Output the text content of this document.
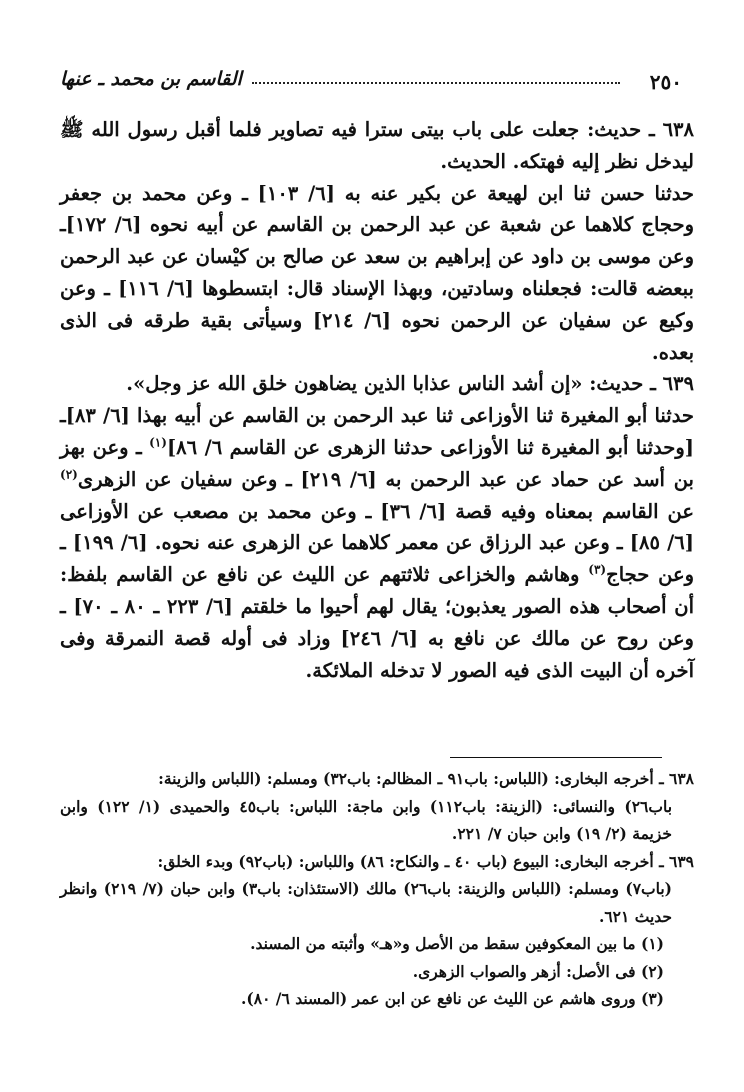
٢٥٠
القاسم بن محمد ـ عنها

٦٣٨ ـ حديث: جعلت على باب بيتى سترا فيه تصاوير فلما أقبل رسول الله ﷺ ليدخل نظر إليه فهتكه. الحديث.

حدثنا حسن ثنا ابن لهيعة عن بكير عنه به [٦/ ١٠٣] ـ وعن محمد بن جعفر وحجاج كلاهما عن شعبة عن عبد الرحمن بن القاسم عن أبيه نحوه [٦/ ١٧٢]ـ وعن موسى بن داود عن إبراهيم بن سعد عن صالح بن كيْسان عن عبد الرحمن ببعضه قالت: فجعلناه وسادتين، وبهذا الإسناد قال: ابتسطوها [٦/ ١١٦] ـ وعن وكيع عن سفيان عن الرحمن نحوه [٦/ ٢١٤] وسيأتى بقية طرقه فى الذى بعده.

٦٣٩ ـ حديث: «إن أشد الناس عذابا الذين يضاهون خلق الله عز وجل».

حدثنا أبو المغيرة ثنا الأوزاعى ثنا عبد الرحمن بن القاسم عن أبيه بهذا [٦/ ٨٣]ـ [وحدثنا أبو المغيرة ثنا الأوزاعى حدثنا الزهرى عن القاسم ٦/ ٨٦]$^{(١)}$ ـ وعن بهز بن أسد عن حماد عن عبد الرحمن به [٦/ ٢١٩] ـ وعن سفيان عن الزهرى$^{(٢)}$ عن القاسم بمعناه وفيه قصة [٦/ ٣٦] ـ وعن محمد بن مصعب عن الأوزاعى [٦/ ٨٥] ـ وعن عبد الرزاق عن معمر كلاهما عن الزهرى عنه نحوه. [٦/ ١٩٩] ـ وعن حجاج$^{(٣)}$ وهاشم والخزاعى ثلاثتهم عن الليث عن نافع عن القاسم بلفظ: أن أصحاب هذه الصور يعذبون؛ يقال لهم أحيوا ما خلقتم [٦/ ٢٢٣ ـ ٨٠ ـ ٧٠] ـ وعن روح عن مالك عن نافع به [٦/ ٢٤٦] وزاد فى أوله قصة النمرقة وفى آخره أن البيت الذى فيه الصور لا تدخله الملائكة.

٦٣٨ ـ أخرجه البخارى: (اللباس: باب٩١ ـ المظالم: باب٣٢) ومسلم: (اللباس والزينة:

باب٢٦) والنسائى: (الزينة: باب١١٢) وابن ماجة: اللباس: باب٤٥ والحميدى (١/ ١٢٢) وابن خزيمة (٢/ ١٩) وابن حبان ٧/ ٢٢١.

٦٣٩ ـ أخرجه البخارى: البيوع (باب ٤٠ ـ والنكاح: ٨٦) واللباس: (باب٩٢) وبدء الخلق:

(باب٧) ومسلم: (اللباس والزينة: باب٢٦) مالك (الاستئذان: باب٣) وابن حبان (٧/ ٢١٩) وانظر حديث ٦٢١.

(١) ما بين المعكوفين سقط من الأصل و«هـ» وأثبته من المسند.

(٢) فى الأصل: أزهر والصواب الزهرى.

(٣) وروى هاشم عن الليث عن نافع عن ابن عمر (المسند ٦/ ٨٠).
